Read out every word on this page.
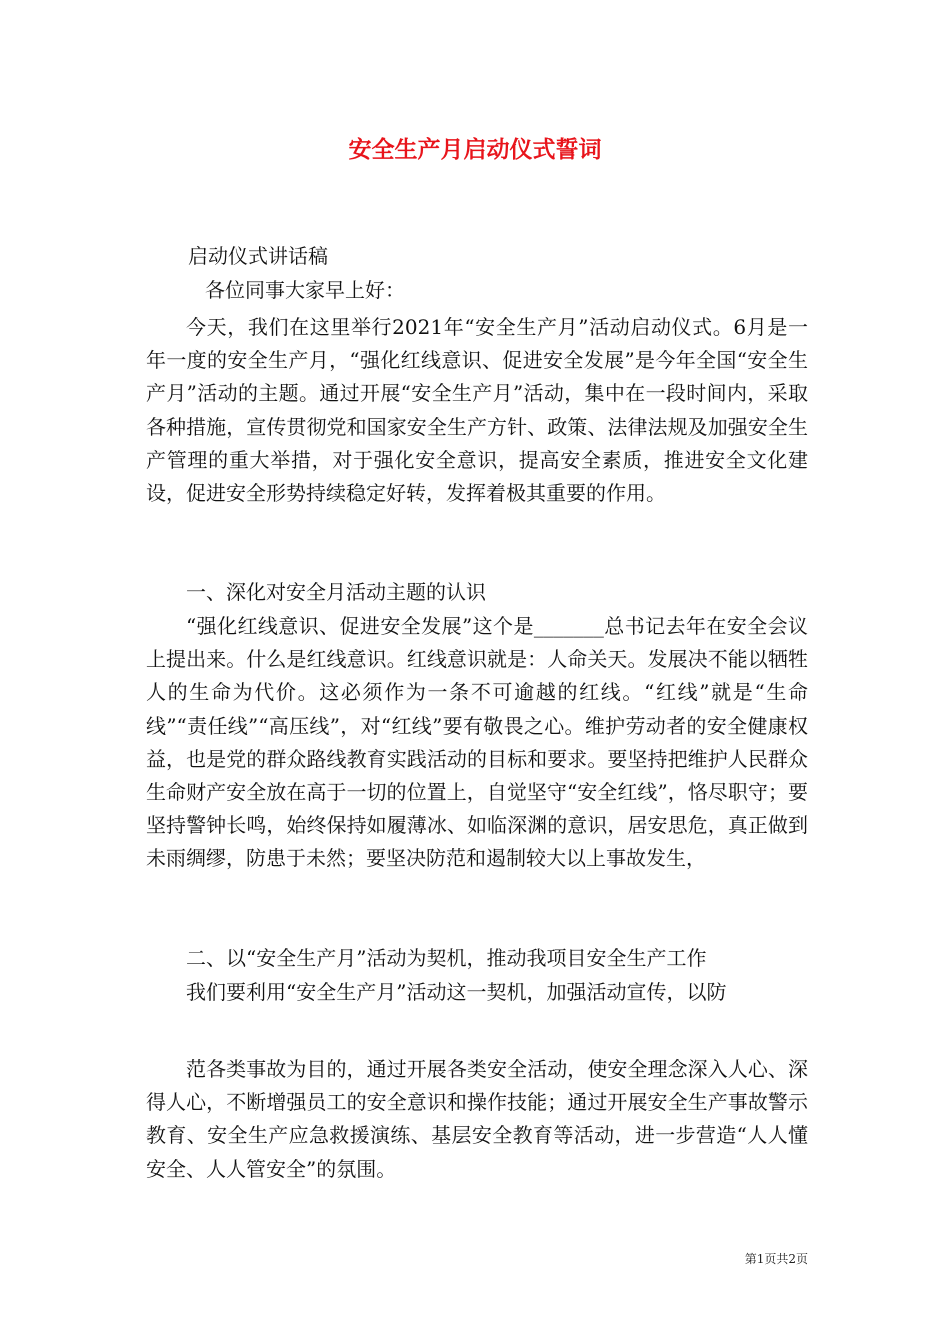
安全生产月启动仪式誓词

启动仪式讲话稿

各位同事大家早上好：

今天，我们在这里举行2021年“安全生产月”活动启动仪式。6月是一年一度的安全生产月，“强化红线意识、促进安全发展”是今年全国“安全生产月”活动的主题。通过开展“安全生产月”活动，集中在一段时间内，采取各种措施，宣传贯彻党和国家安全生产方针、政策、法律法规及加强安全生产管理的重大举措，对于强化安全意识，提高安全素质，推进安全文化建设，促进安全形势持续稳定好转，发挥着极其重要的作用。

一、深化对安全月活动主题的认识

“强化红线意识、促进安全发展”这个是_______总书记去年在安全会议上提出来。什么是红线意识。红线意识就是：人命关天。发展决不能以牺牲人的生命为代价。这必须作为一条不可逾越的红线。“红线”就是“生命线”“责任线”“高压线”，对“红线”要有敬畏之心。维护劳动者的安全健康权益，也是党的群众路线教育实践活动的目标和要求。要坚持把维护人民群众生命财产安全放在高于一切的位置上，自觉坚守“安全红线”，恪尽职守；要坚持警钟长鸣，始终保持如履薄冰、如临深渊的意识，居安思危，真正做到未雨绸缪，防患于未然；要坚决防范和遏制较大以上事故发生，

二、以“安全生产月”活动为契机，推动我项目安全生产工作

我们要利用“安全生产月”活动这一契机，加强活动宣传，以防

范各类事故为目的，通过开展各类安全活动，使安全理念深入人心、深得人心，不断增强员工的安全意识和操作技能；通过开展安全生产事故警示教育、安全生产应急救援演练、基层安全教育等活动，进一步营造“人人懂安全、人人管安全”的氛围。

第1页共2页
